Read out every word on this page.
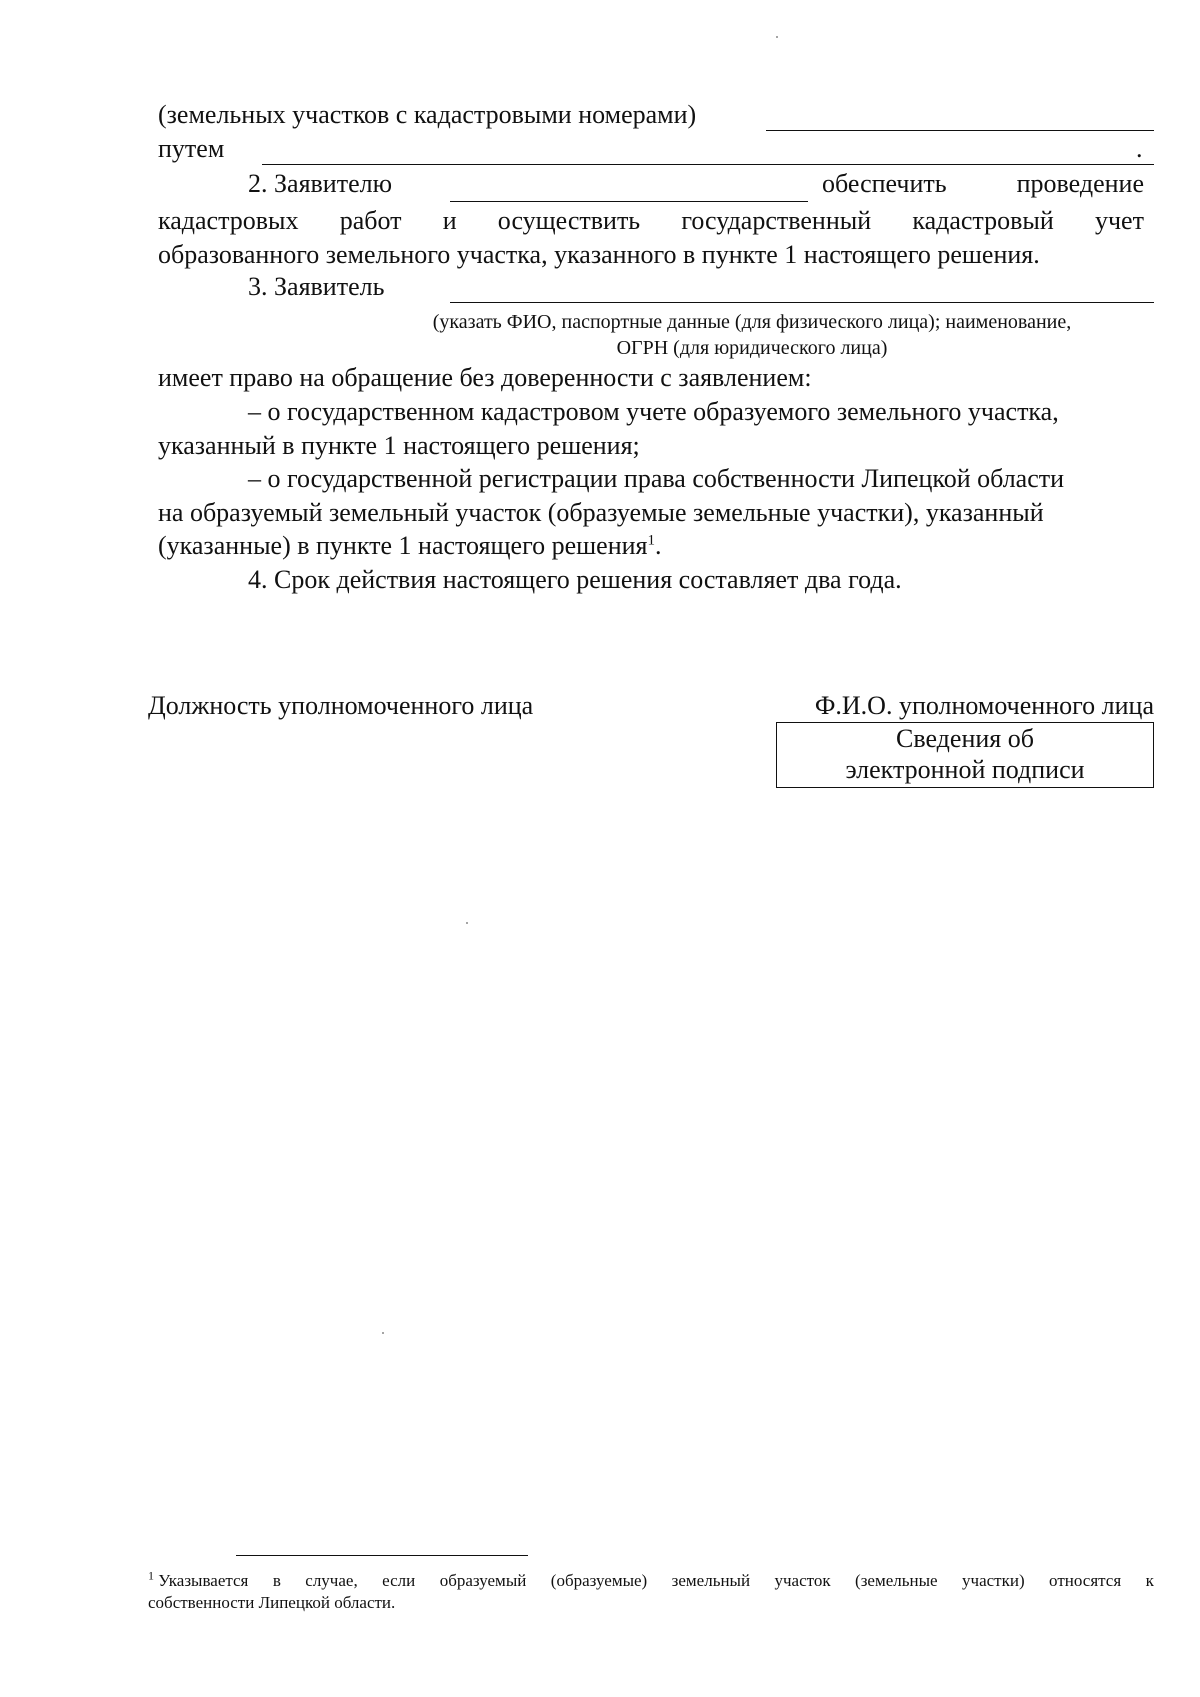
(земельных участков с кадастровыми номерами)
путем	.
2. Заявителю	обеспечить	проведение
кадастровых работ и осуществить государственный кадастровый учет
образованного земельного участка, указанного в пункте 1 настоящего решения.
3. Заявитель
(указать ФИО, паспортные данные (для физического лица); наименование,
ОГРН (для юридического лица)
имеет право на обращение без доверенности с заявлением:
– о государственном кадастровом учете образуемого земельного участка,
указанный в пункте 1 настоящего решения;
– о государственной регистрации права собственности Липецкой области
на образуемый земельный участок (образуемые земельные участки), указанный
(указанные) в пункте 1 настоящего решения$^1$.
4. Срок действия настоящего решения составляет два года.
Должность уполномоченного лица	Ф.И.О. уполномоченного лица
Сведения об
электронной подписи
$^1$ Указывается в случае, если образуемый (образуемые) земельный участок (земельные участки) относятся к
собственности Липецкой области.
